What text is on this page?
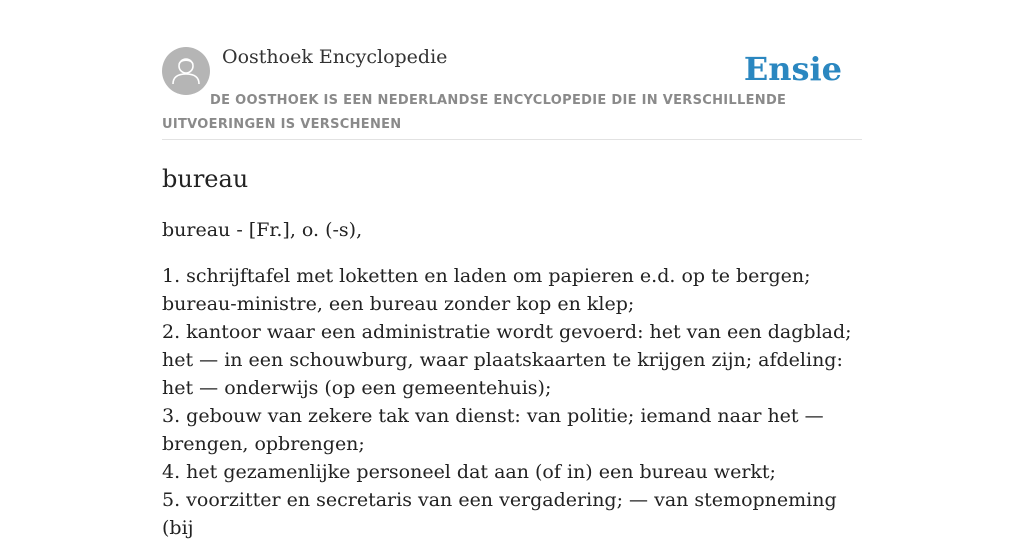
Oosthoek Encyclopedie	Ensie
DE OOSTHOEK IS EEN NEDERLANDSE ENCYCLOPEDIE DIE IN VERSCHILLENDE UITVOERINGEN IS VERSCHENEN
bureau

bureau - [Fr.], o. (-s),

1. schrijftafel met loketten en laden om papieren e.d. op te bergen; bureau-ministre, een bureau zonder kop en klep;
2. kantoor waar een administratie wordt gevoerd: het van een dagblad; het — in een schouwburg, waar plaatskaarten te krijgen zijn; afdeling: het — onderwijs (op een gemeentehuis);
3. gebouw van zekere tak van dienst: van politie; iemand naar het — brengen, opbrengen;
4. het gezamenlijke personeel dat aan (of in) een bureau werkt;
5. voorzitter en secretaris van een vergadering; — van stemopneming (bij
